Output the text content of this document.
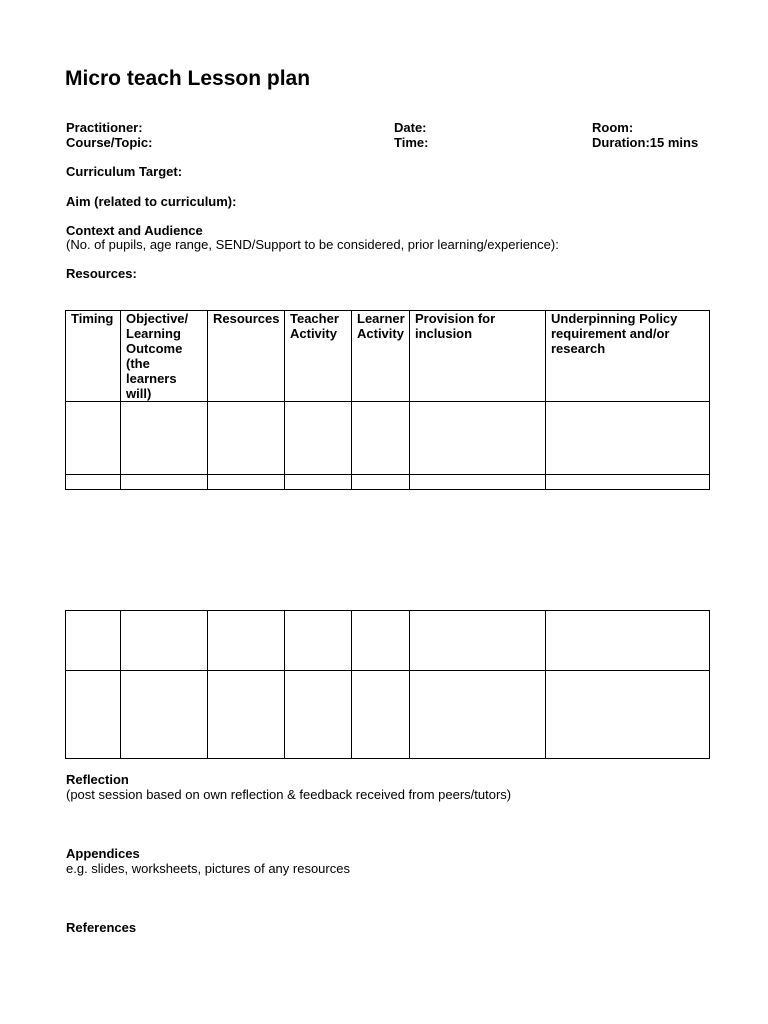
Micro teach Lesson plan
Practitioner:
Course/Topic:
Date:
Time:
Room:
Duration:15 mins
Curriculum Target:
Aim (related to curriculum):
Context and Audience
(No. of pupils, age range, SEND/Support to be considered, prior learning/experience):
Resources:
Timing	Objective/ Learning Outcome (the learners will)	Resources	Teacher Activity	Learner Activity	Provision for inclusion	Underpinning Policy requirement and/or research

Reflection
(post session based on own reflection & feedback received from peers/tutors)
Appendices
e.g. slides, worksheets, pictures of any resources
References
